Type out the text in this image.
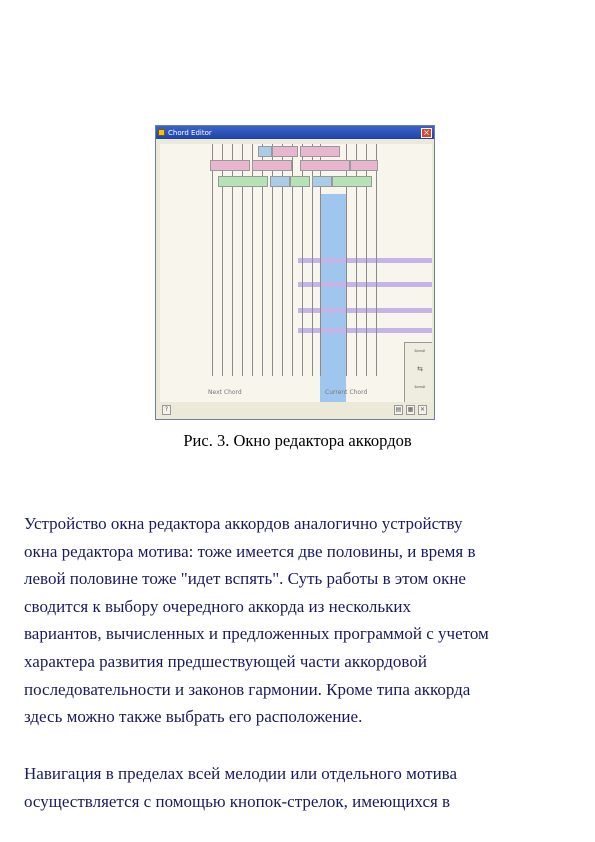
Chord Editor	×
⇦⇨
⇆
⇦⇨
Next Chord	Current Chord
?	▤ ▦	✕
Рис. 3. Окно редактора аккордов

Устройство окна редактора аккордов аналогично устройству
окна редактора мотива: тоже имеется две половины, и время в
левой половине тоже "идет вспять". Суть работы в этом окне
сводится к выбору очередного аккорда из нескольких
вариантов, вычисленных и предложенных программой с учетом
характера развития предшествующей части аккордовой
последовательности и законов гармонии. Кроме типа аккорда
здесь можно также выбрать его расположение.

Навигация в пределах всей мелодии или отдельного мотива
осуществляется с помощью кнопок-стрелок, имеющихся в
